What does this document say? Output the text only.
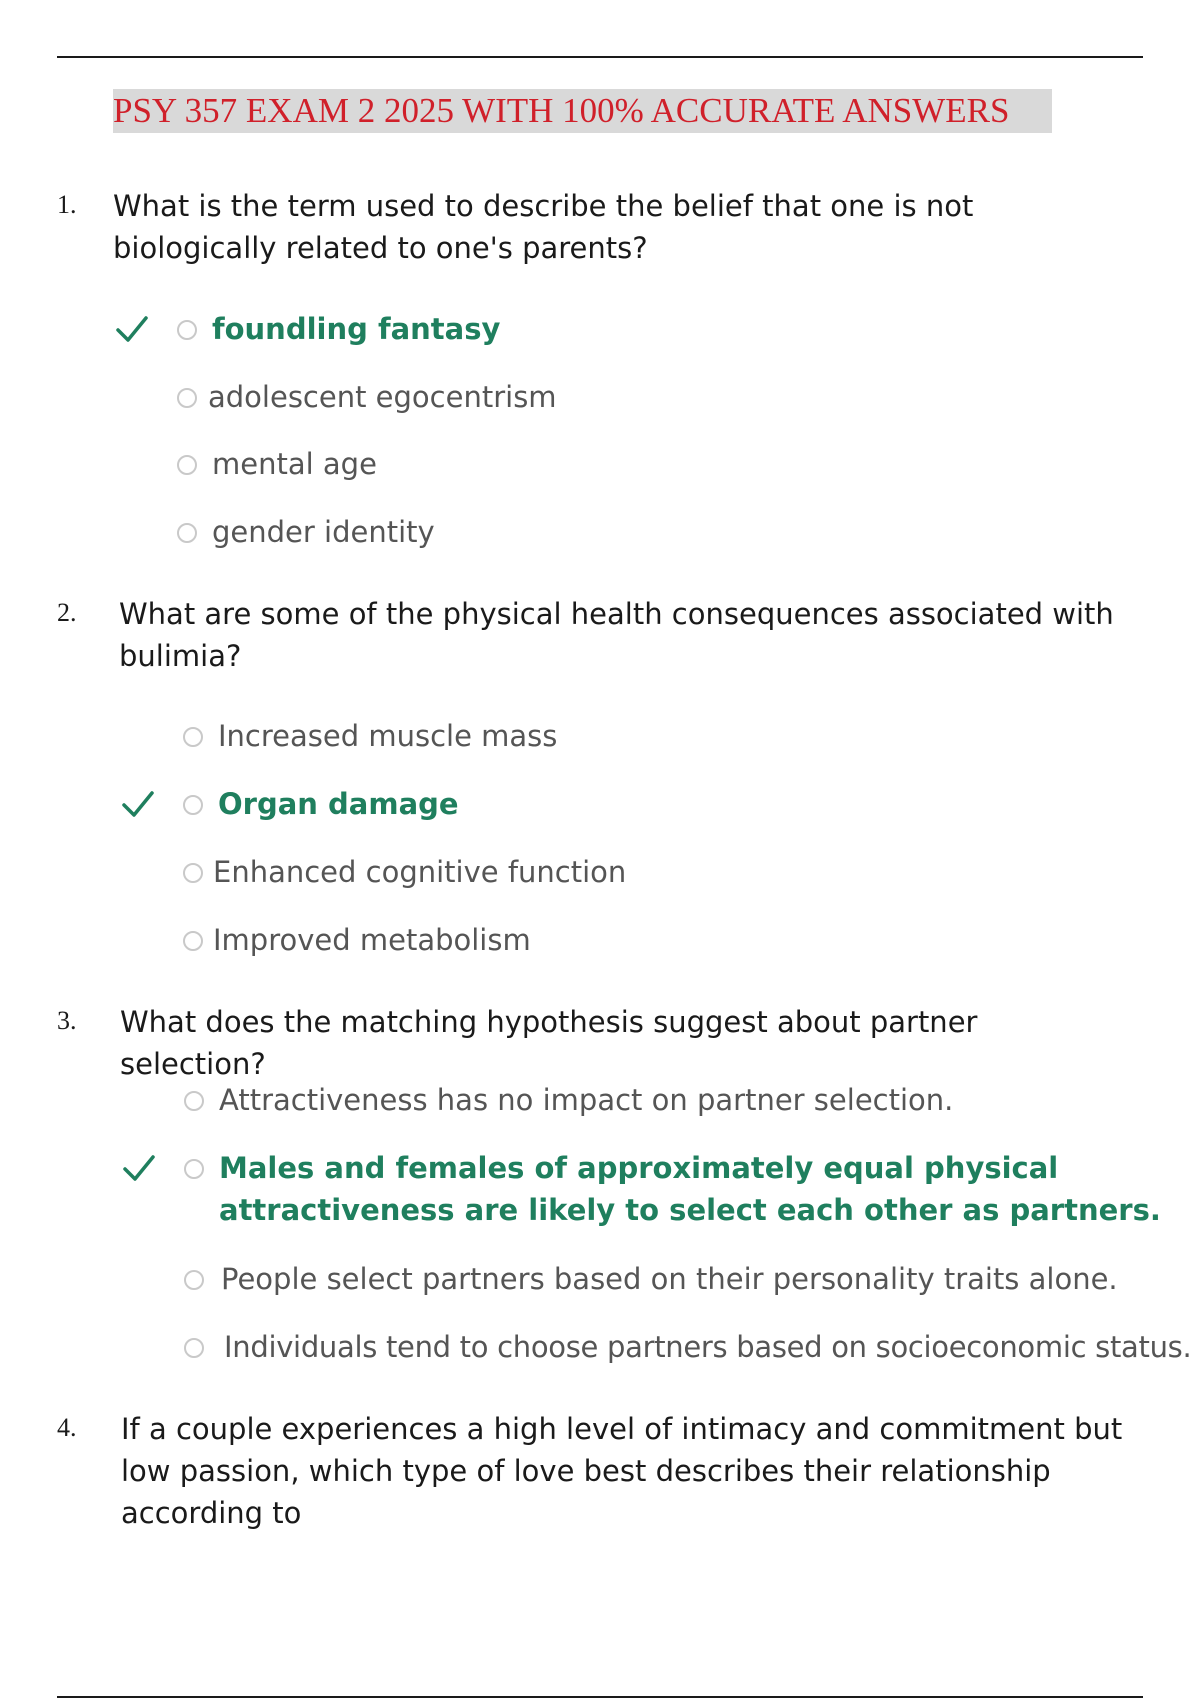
PSY 357 EXAM 2 2025 WITH 100% ACCURATE ANSWERS
1. What is the term used to describe the belief that one is not biologically related to one's parents?
foundling fantasy
adolescent egocentrism
mental age
gender identity
2. What are some of the physical health consequences associated with bulimia?
Increased muscle mass
Organ damage
Enhanced cognitive function
Improved metabolism
3. What does the matching hypothesis suggest about partner selection?
Attractiveness has no impact on partner selection.
Males and females of approximately equal physical attractiveness are likely to select each other as partners.
People select partners based on their personality traits alone.
Individuals tend to choose partners based on socioeconomic status.
4. If a couple experiences a high level of intimacy and commitment but low passion, which type of love best describes their relationship according to
